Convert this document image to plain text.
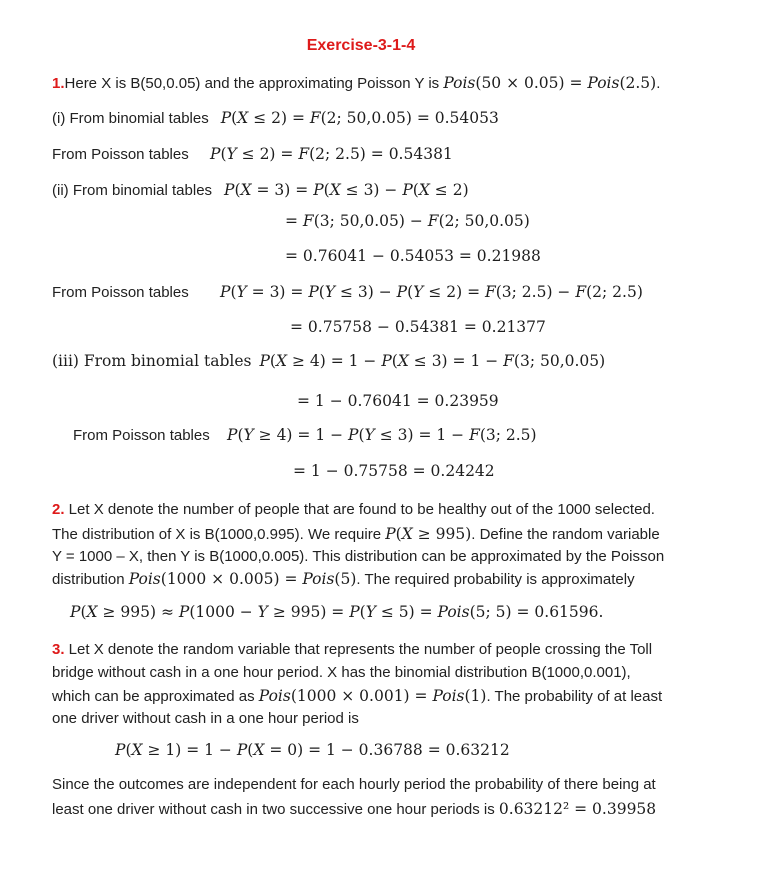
Exercise-3-1-4
1.Here X is B(50,0.05) and the approximating Poisson Y is Pois(50 × 0.05) = Pois(2.5).
(i) From binomial tables P(X ≤ 2) = F(2; 50,0.05) = 0.54053
From Poisson tables P(Y ≤ 2) = F(2; 2.5) = 0.54381
(ii) From binomial tables P(X = 3) = P(X ≤ 3) − P(X ≤ 2)
= F(3; 50,0.05) − F(2; 50,0.05)
= 0.76041 − 0.54053 = 0.21988
From Poisson tables P(Y = 3) = P(Y ≤ 3) − P(Y ≤ 2) = F(3; 2.5) − F(2; 2.5)
= 0.75758 − 0.54381 = 0.21377
(iii) From binomial tables P(X ≥ 4) = 1 − P(X ≤ 3) = 1 − F(3; 50,0.05)
= 1 − 0.76041 = 0.23959
From Poisson tables P(Y ≥ 4) = 1 − P(Y ≤ 3) = 1 − F(3; 2.5)
= 1 − 0.75758 = 0.24242
2. Let X denote the number of people that are found to be healthy out of the 1000 selected.
The distribution of X is B(1000,0.995). We require P(X ≥ 995). Define the random variable
Y = 1000 – X, then Y is B(1000,0.005). This distribution can be approximated by the Poisson
distribution Pois(1000 × 0.005) = Pois(5). The required probability is approximately
P(X ≥ 995) ≈ P(1000 − Y ≥ 995) = P(Y ≤ 5) = Pois(5; 5) = 0.61596.
3. Let X denote the random variable that represents the number of people crossing the Toll
bridge without cash in a one hour period. X has the binomial distribution B(1000,0.001),
which can be approximated as Pois(1000 × 0.001) = Pois(1). The probability of at least
one driver without cash in a one hour period is
P(X ≥ 1) = 1 − P(X = 0) = 1 − 0.36788 = 0.63212
Since the outcomes are independent for each hourly period the probability of there being at
least one driver without cash in two successive one hour periods is 0.63212² = 0.39958
